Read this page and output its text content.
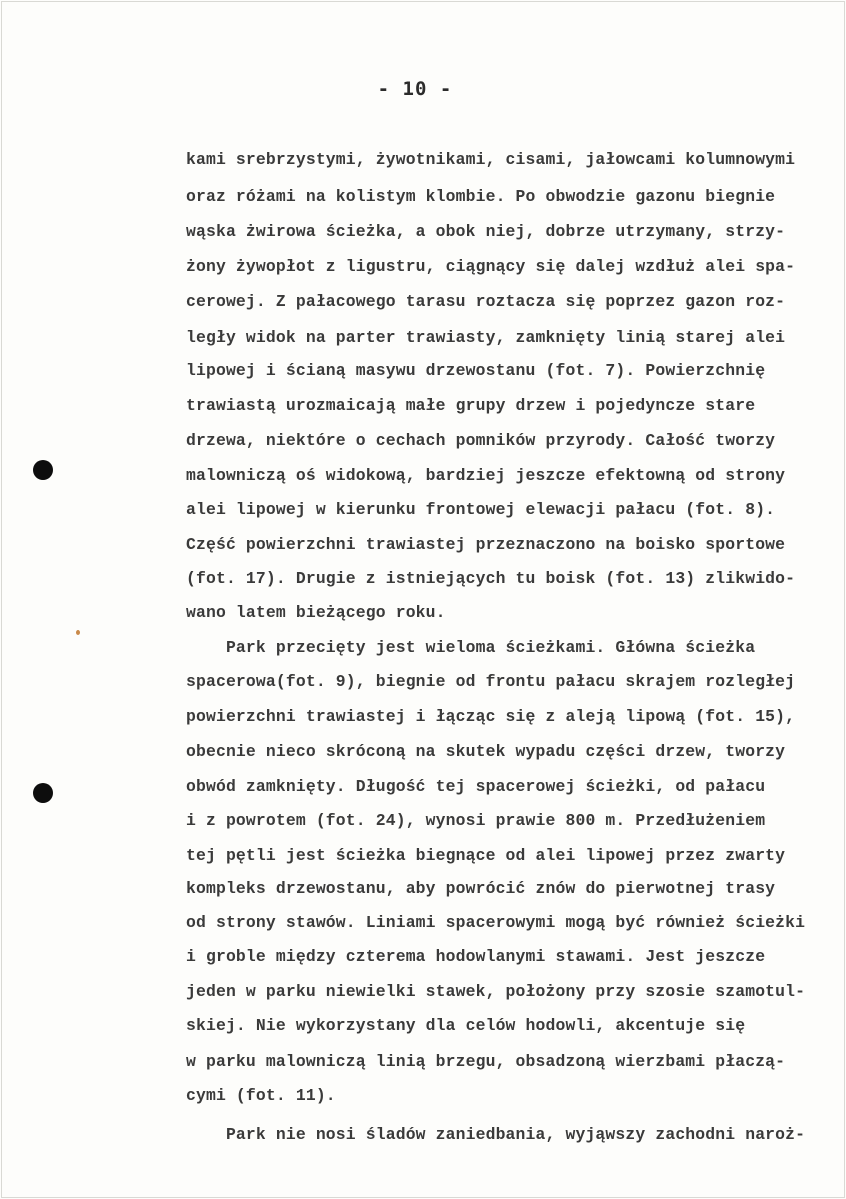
- 10 -
kami srebrzystymi, żywotnikami, cisami, jałowcami kolumnowymi
oraz różami na kolistym klombie. Po obwodzie gazonu biegnie
wąska żwirowa ścieżka, a obok niej, dobrze utrzymany, strzy-
żony żywopłot z ligustru, ciągnący się dalej wzdłuż alei spa-
cerowej. Z pałacowego tarasu roztacza się poprzez gazon roz-
legły widok na parter trawiasty, zamknięty linią starej alei
lipowej i ścianą masywu drzewostanu (fot. 7). Powierzchnię
trawiastą urozmaicają małe grupy drzew i pojedyncze stare
drzewa, niektóre o cechach pomników przyrody. Całość tworzy
malowniczą oś widokową, bardziej jeszcze efektowną od strony
alei lipowej w kierunku frontowej elewacji pałacu (fot. 8).
Część powierzchni trawiastej przeznaczono na boisko sportowe
(fot. 17). Drugie z istniejących tu boisk (fot. 13) zlikwido-
wano latem bieżącego roku.
Park przecięty jest wieloma ścieżkami. Główna ścieżka
spacerowa(fot. 9), biegnie od frontu pałacu skrajem rozległej
powierzchni trawiastej i łącząc się z aleją lipową (fot. 15),
obecnie nieco skróconą na skutek wypadu części drzew, tworzy
obwód zamknięty. Długość tej spacerowej ścieżki, od pałacu
i z powrotem (fot. 24), wynosi prawie 800 m. Przedłużeniem
tej pętli jest ścieżka biegnące od alei lipowej przez zwarty
kompleks drzewostanu, aby powrócić znów do pierwotnej trasy
od strony stawów. Liniami spacerowymi mogą być również ścieżki
i groble między czterema hodowlanymi stawami. Jest jeszcze
jeden w parku niewielki stawek, położony przy szosie szamotul-
skiej. Nie wykorzystany dla celów hodowli, akcentuje się
w parku malowniczą linią brzegu, obsadzoną wierzbami płaczą-
cymi (fot. 11).
Park nie nosi śladów zaniedbania, wyjąwszy zachodni naroż-
